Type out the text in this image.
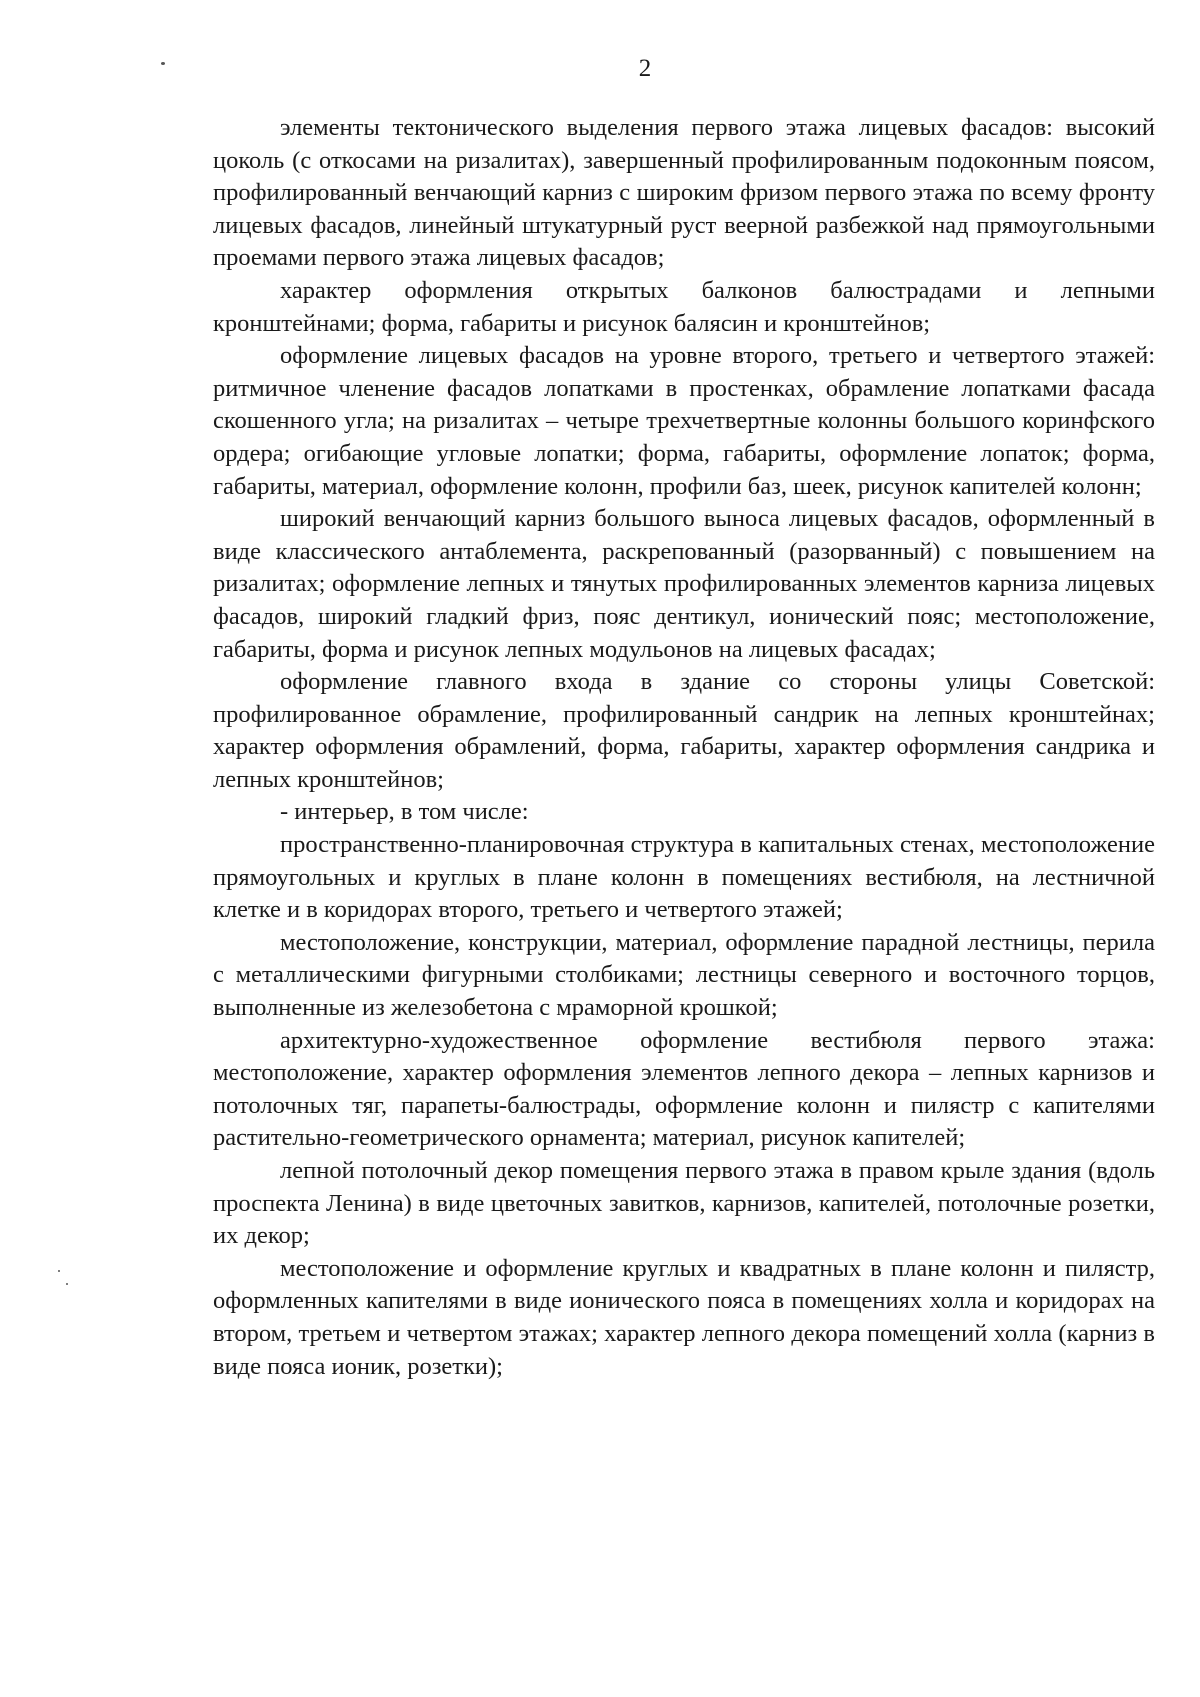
2

элементы тектонического выделения первого этажа лицевых фасадов: высокий цоколь (с откосами на ризалитах), завершенный профилированным подоконным поясом, профилированный венчающий карниз с широким фризом первого этажа по всему фронту лицевых фасадов, линейный штукатурный руст веерной разбежкой над прямоугольными проемами первого этажа лицевых фасадов;

характер оформления открытых балконов балюстрадами и лепными кронштейнами; форма, габариты и рисунок балясин и кронштейнов;

оформление лицевых фасадов на уровне второго, третьего и четвертого этажей: ритмичное членение фасадов лопатками в простенках, обрамление лопатками фасада скошенного угла; на ризалитах – четыре трехчетвертные колонны большого коринфского ордера; огибающие угловые лопатки; форма, габариты, оформление лопаток; форма, габариты, материал, оформление колонн, профили баз, шеек, рисунок капителей колонн;

широкий венчающий карниз большого выноса лицевых фасадов, оформленный в виде классического антаблемента, раскрепованный (разорванный) с повышением на ризалитах; оформление лепных и тянутых профилированных элементов карниза лицевых фасадов, широкий гладкий фриз, пояс дентикул, ионический пояс; местоположение, габариты, форма и рисунок лепных модульонов на лицевых фасадах;

оформление главного входа в здание со стороны улицы Советской: профилированное обрамление, профилированный сандрик на лепных кронштейнах; характер оформления обрамлений, форма, габариты, характер оформления сандрика и лепных кронштейнов;

- интерьер, в том числе:

пространственно-планировочная структура в капитальных стенах, местоположение прямоугольных и круглых в плане колонн в помещениях вестибюля, на лестничной клетке и в коридорах второго, третьего и четвертого этажей;

местоположение, конструкции, материал, оформление парадной лестницы, перила с металлическими фигурными столбиками; лестницы северного и восточного торцов, выполненные из железобетона с мраморной крошкой;

архитектурно-художественное оформление вестибюля первого этажа: местоположение, характер оформления элементов лепного декора – лепных карнизов и потолочных тяг, парапеты-балюстрады, оформление колонн и пилястр с капителями растительно-геометрического орнамента; материал, рисунок капителей;

лепной потолочный декор помещения первого этажа в правом крыле здания (вдоль проспекта Ленина) в виде цветочных завитков, карнизов, капителей, потолочные розетки, их декор;

местоположение и оформление круглых и квадратных в плане колонн и пилястр, оформленных капителями в виде ионического пояса в помещениях холла и коридорах на втором, третьем и четвертом этажах; характер лепного декора помещений холла (карниз в виде пояса ионик, розетки);
